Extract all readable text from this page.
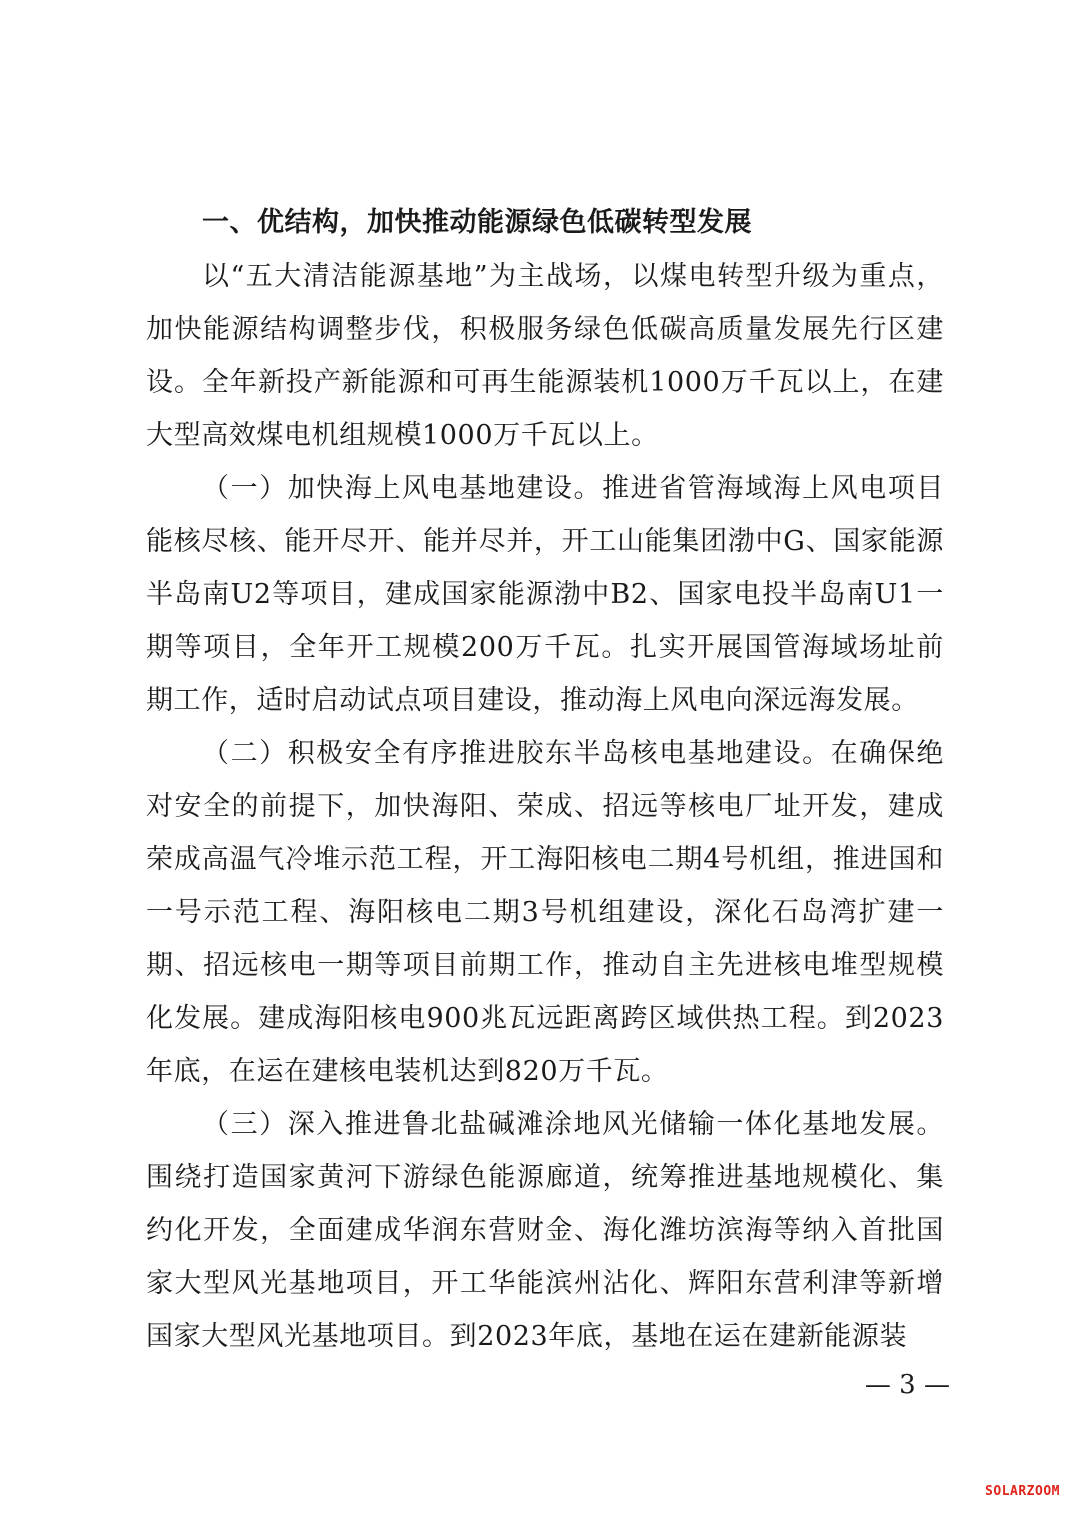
一、优结构，加快推动能源绿色低碳转型发展

以“五大清洁能源基地”为主战场，以煤电转型升级为重点，加快能源结构调整步伐，积极服务绿色低碳高质量发展先行区建设。全年新投产新能源和可再生能源装机1000万千瓦以上，在建大型高效煤电机组规模1000万千瓦以上。

（一）加快海上风电基地建设。推进省管海域海上风电项目能核尽核、能开尽开、能并尽并，开工山能集团渤中G、国家能源半岛南U2等项目，建成国家能源渤中B2、国家电投半岛南U1一期等项目，全年开工规模200万千瓦。扎实开展国管海域场址前期工作，适时启动试点项目建设，推动海上风电向深远海发展。

（二）积极安全有序推进胶东半岛核电基地建设。在确保绝对安全的前提下，加快海阳、荣成、招远等核电厂址开发，建成荣成高温气冷堆示范工程，开工海阳核电二期4号机组，推进国和一号示范工程、海阳核电二期3号机组建设，深化石岛湾扩建一期、招远核电一期等项目前期工作，推动自主先进核电堆型规模化发展。建成海阳核电900兆瓦远距离跨区域供热工程。到2023年底，在运在建核电装机达到820万千瓦。

（三）深入推进鲁北盐碱滩涂地风光储输一体化基地发展。围绕打造国家黄河下游绿色能源廊道，统筹推进基地规模化、集约化开发，全面建成华润东营财金、海化潍坊滨海等纳入首批国家大型风光基地项目，开工华能滨州沾化、辉阳东营利津等新增国家大型风光基地项目。到2023年底，基地在运在建新能源装

— 3 —
SOLARZOOM
